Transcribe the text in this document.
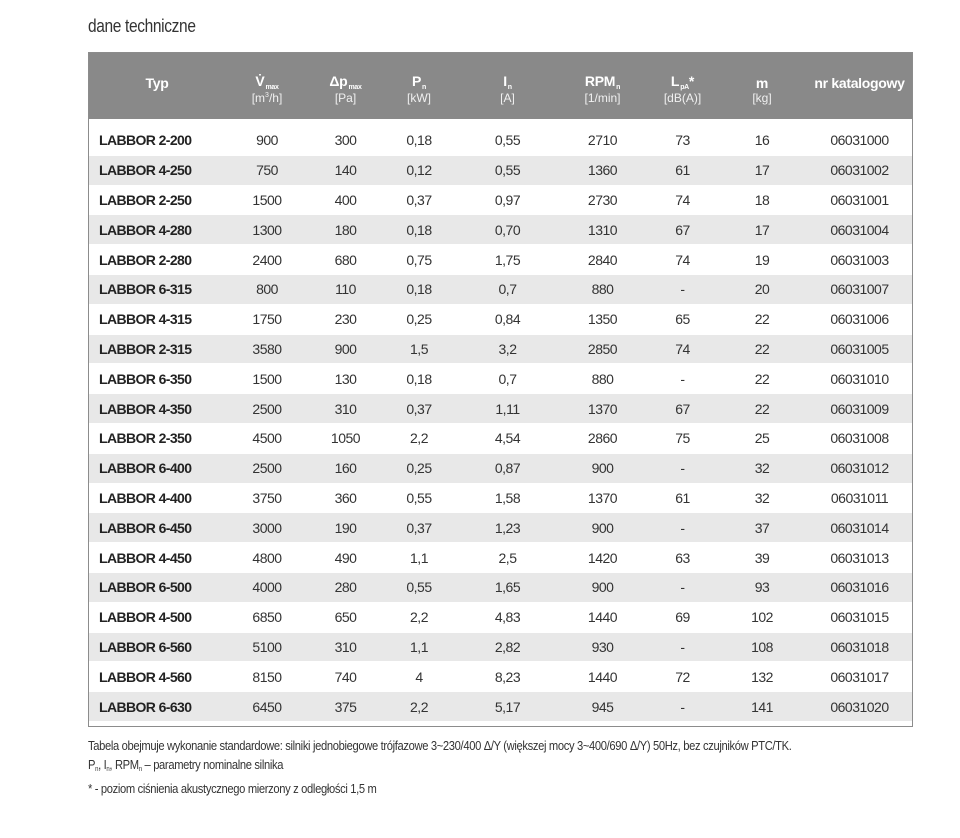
dane techniczne
Typ	$V̇_{max}$	$\Delta p_{max}$	$P_n$	$I_n$	$RPM_n$	$L_{pA}*$	m	nr katalogowy
	$[m^3/h]$	[Pa]	[kW]	[A]	[1/min]	[dB(A)]	[kg]	

LABBOR 2-200	900	300	0,18	0,55	2710	73	16	06031000
LABBOR 4-250	750	140	0,12	0,55	1360	61	17	06031002
LABBOR 2-250	1500	400	0,37	0,97	2730	74	18	06031001
LABBOR 4-280	1300	180	0,18	0,70	1310	67	17	06031004
LABBOR 2-280	2400	680	0,75	1,75	2840	74	19	06031003
LABBOR 6-315	800	110	0,18	0,7	880	-	20	06031007
LABBOR 4-315	1750	230	0,25	0,84	1350	65	22	06031006
LABBOR 2-315	3580	900	1,5	3,2	2850	74	22	06031005
LABBOR 6-350	1500	130	0,18	0,7	880	-	22	06031010
LABBOR 4-350	2500	310	0,37	1,11	1370	67	22	06031009
LABBOR 2-350	4500	1050	2,2	4,54	2860	75	25	06031008
LABBOR 6-400	2500	160	0,25	0,87	900	-	32	06031012
LABBOR 4-400	3750	360	0,55	1,58	1370	61	32	06031011
LABBOR 6-450	3000	190	0,37	1,23	900	-	37	06031014
LABBOR 4-450	4800	490	1,1	2,5	1420	63	39	06031013
LABBOR 6-500	4000	280	0,55	1,65	900	-	93	06031016
LABBOR 4-500	6850	650	2,2	4,83	1440	69	102	06031015
LABBOR 6-560	5100	310	1,1	2,82	930	-	108	06031018
LABBOR 4-560	8150	740	4	8,23	1440	72	132	06031017
LABBOR 6-630	6450	375	2,2	5,17	945	-	141	06031020

Tabela obejmuje wykonanie standardowe: silniki jednobiegowe trójfazowe 3~230/400 Δ/Y (większej mocy 3~400/690 Δ/Y) 50Hz, bez czujników PTC/TK.
Pn, In, RPMn – parametry nominalne silnika
* - poziom ciśnienia akustycznego mierzony z odległości 1,5 m
